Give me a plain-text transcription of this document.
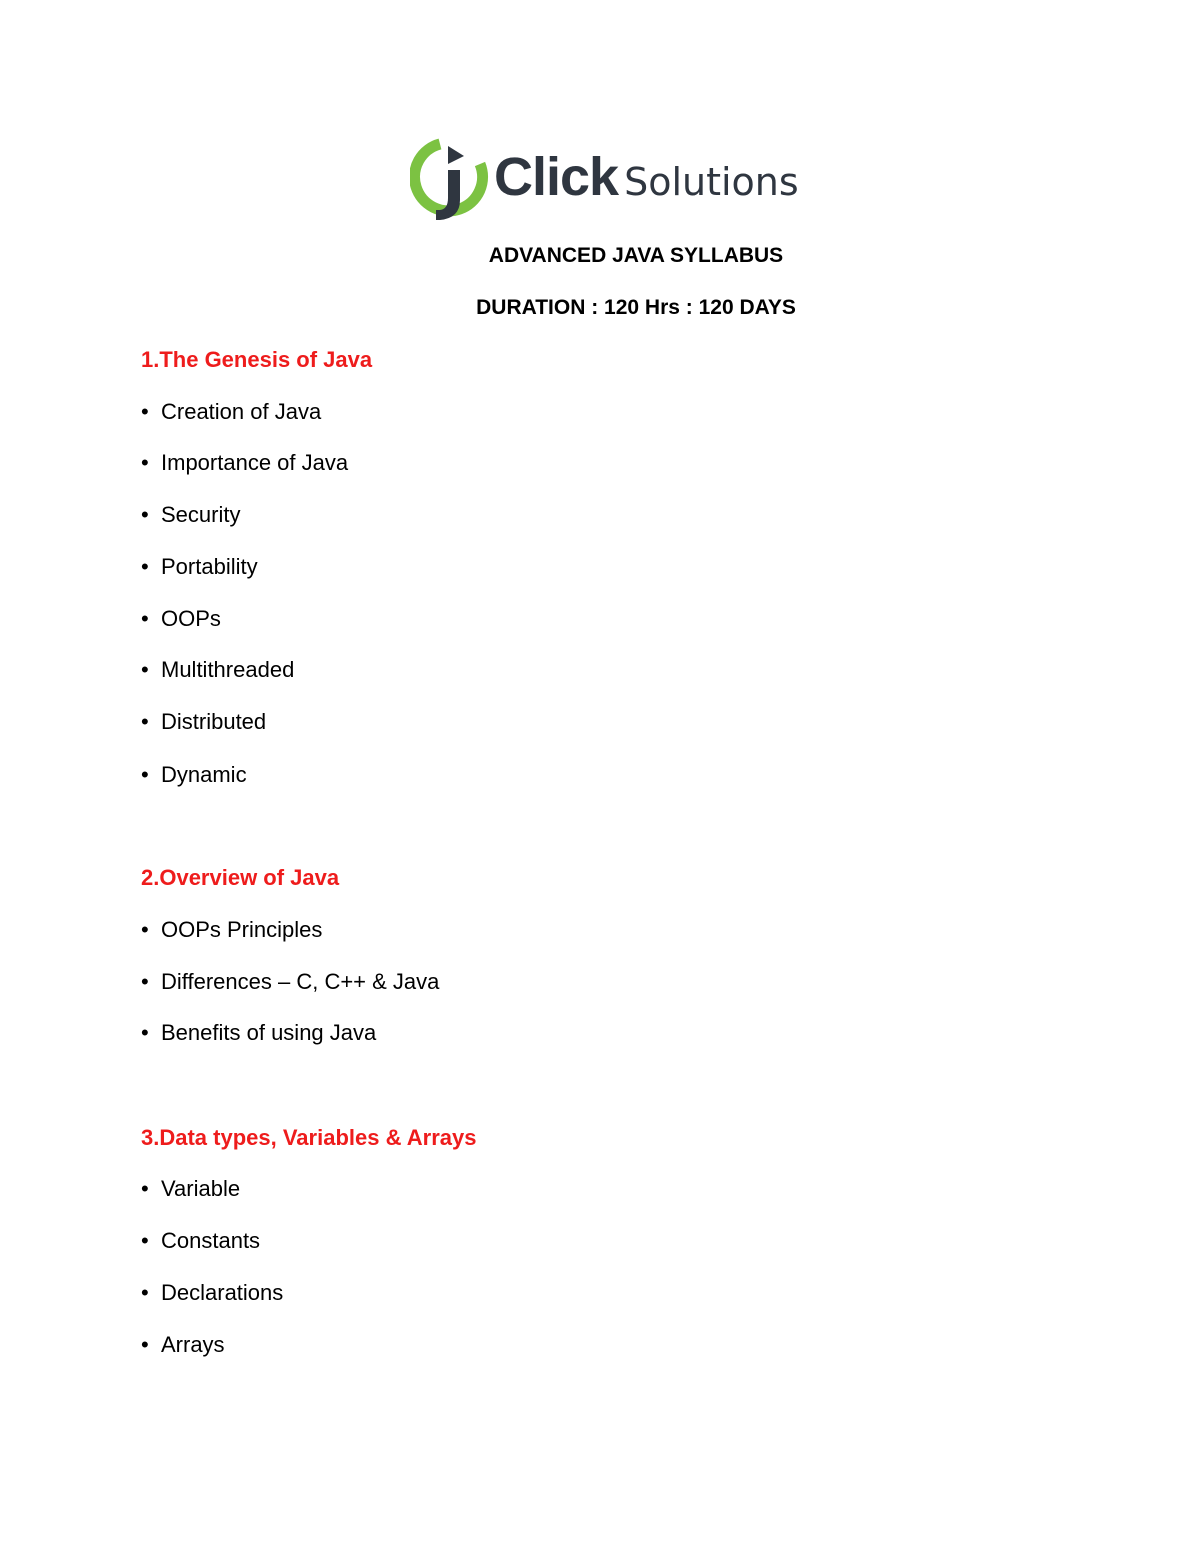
Click Solutions
ADVANCED JAVA SYLLABUS
DURATION : 120 Hrs : 120 DAYS
1.The Genesis of Java
• Creation of Java
• Importance of Java
• Security
• Portability
• OOPs
• Multithreaded
• Distributed
• Dynamic
2.Overview of Java
• OOPs Principles
• Differences – C, C++ & Java
• Benefits of using Java
3.Data types, Variables & Arrays
• Variable
• Constants
• Declarations
• Arrays
